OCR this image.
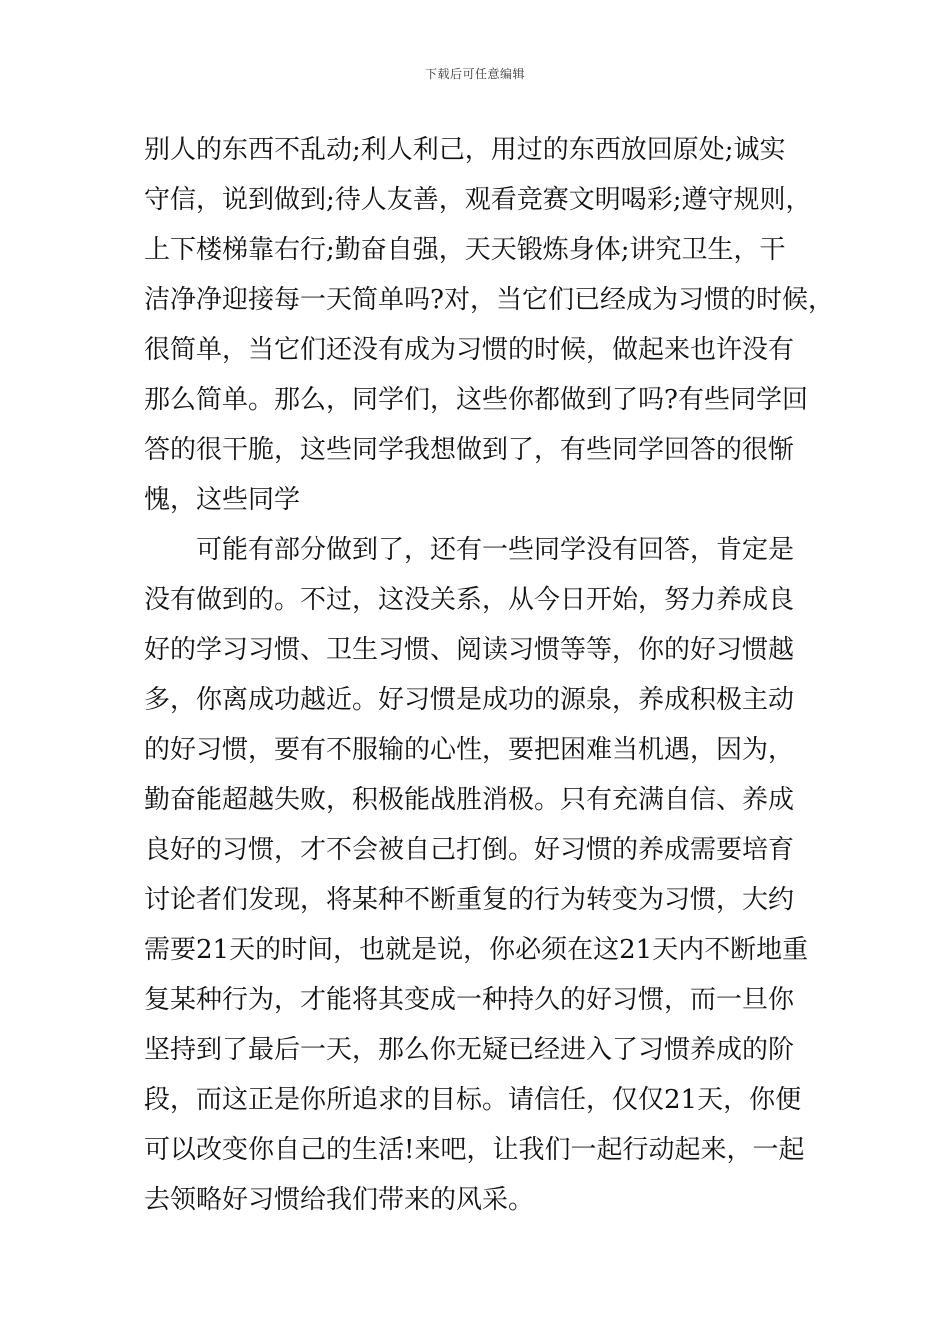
下载后可任意编辑
别人的东西不乱动;利人利己，用过的东西放回原处;诚实
守信，说到做到;待人友善，观看竞赛文明喝彩;遵守规则，
上下楼梯靠右行;勤奋自强，天天锻炼身体;讲究卫生，干
洁净净迎接每一天简单吗?对，当它们已经成为习惯的时候，
很简单，当它们还没有成为习惯的时候，做起来也许没有
那么简单。那么，同学们，这些你都做到了吗?有些同学回
答的很干脆，这些同学我想做到了，有些同学回答的很惭
愧，这些同学
可能有部分做到了，还有一些同学没有回答，肯定是
没有做到的。不过，这没关系，从今日开始，努力养成良
好的学习习惯、卫生习惯、阅读习惯等等，你的好习惯越
多，你离成功越近。好习惯是成功的源泉，养成积极主动
的好习惯，要有不服输的心性，要把困难当机遇，因为，
勤奋能超越失败，积极能战胜消极。只有充满自信、养成
良好的习惯，才不会被自己打倒。好习惯的养成需要培育
讨论者们发现，将某种不断重复的行为转变为习惯，大约
需要21天的时间，也就是说，你必须在这21天内不断地重
复某种行为，才能将其变成一种持久的好习惯，而一旦你
坚持到了最后一天，那么你无疑已经进入了习惯养成的阶
段，而这正是你所追求的目标。请信任，仅仅21天，你便
可以改变你自己的生活!来吧，让我们一起行动起来，一起
去领略好习惯给我们带来的风采。
